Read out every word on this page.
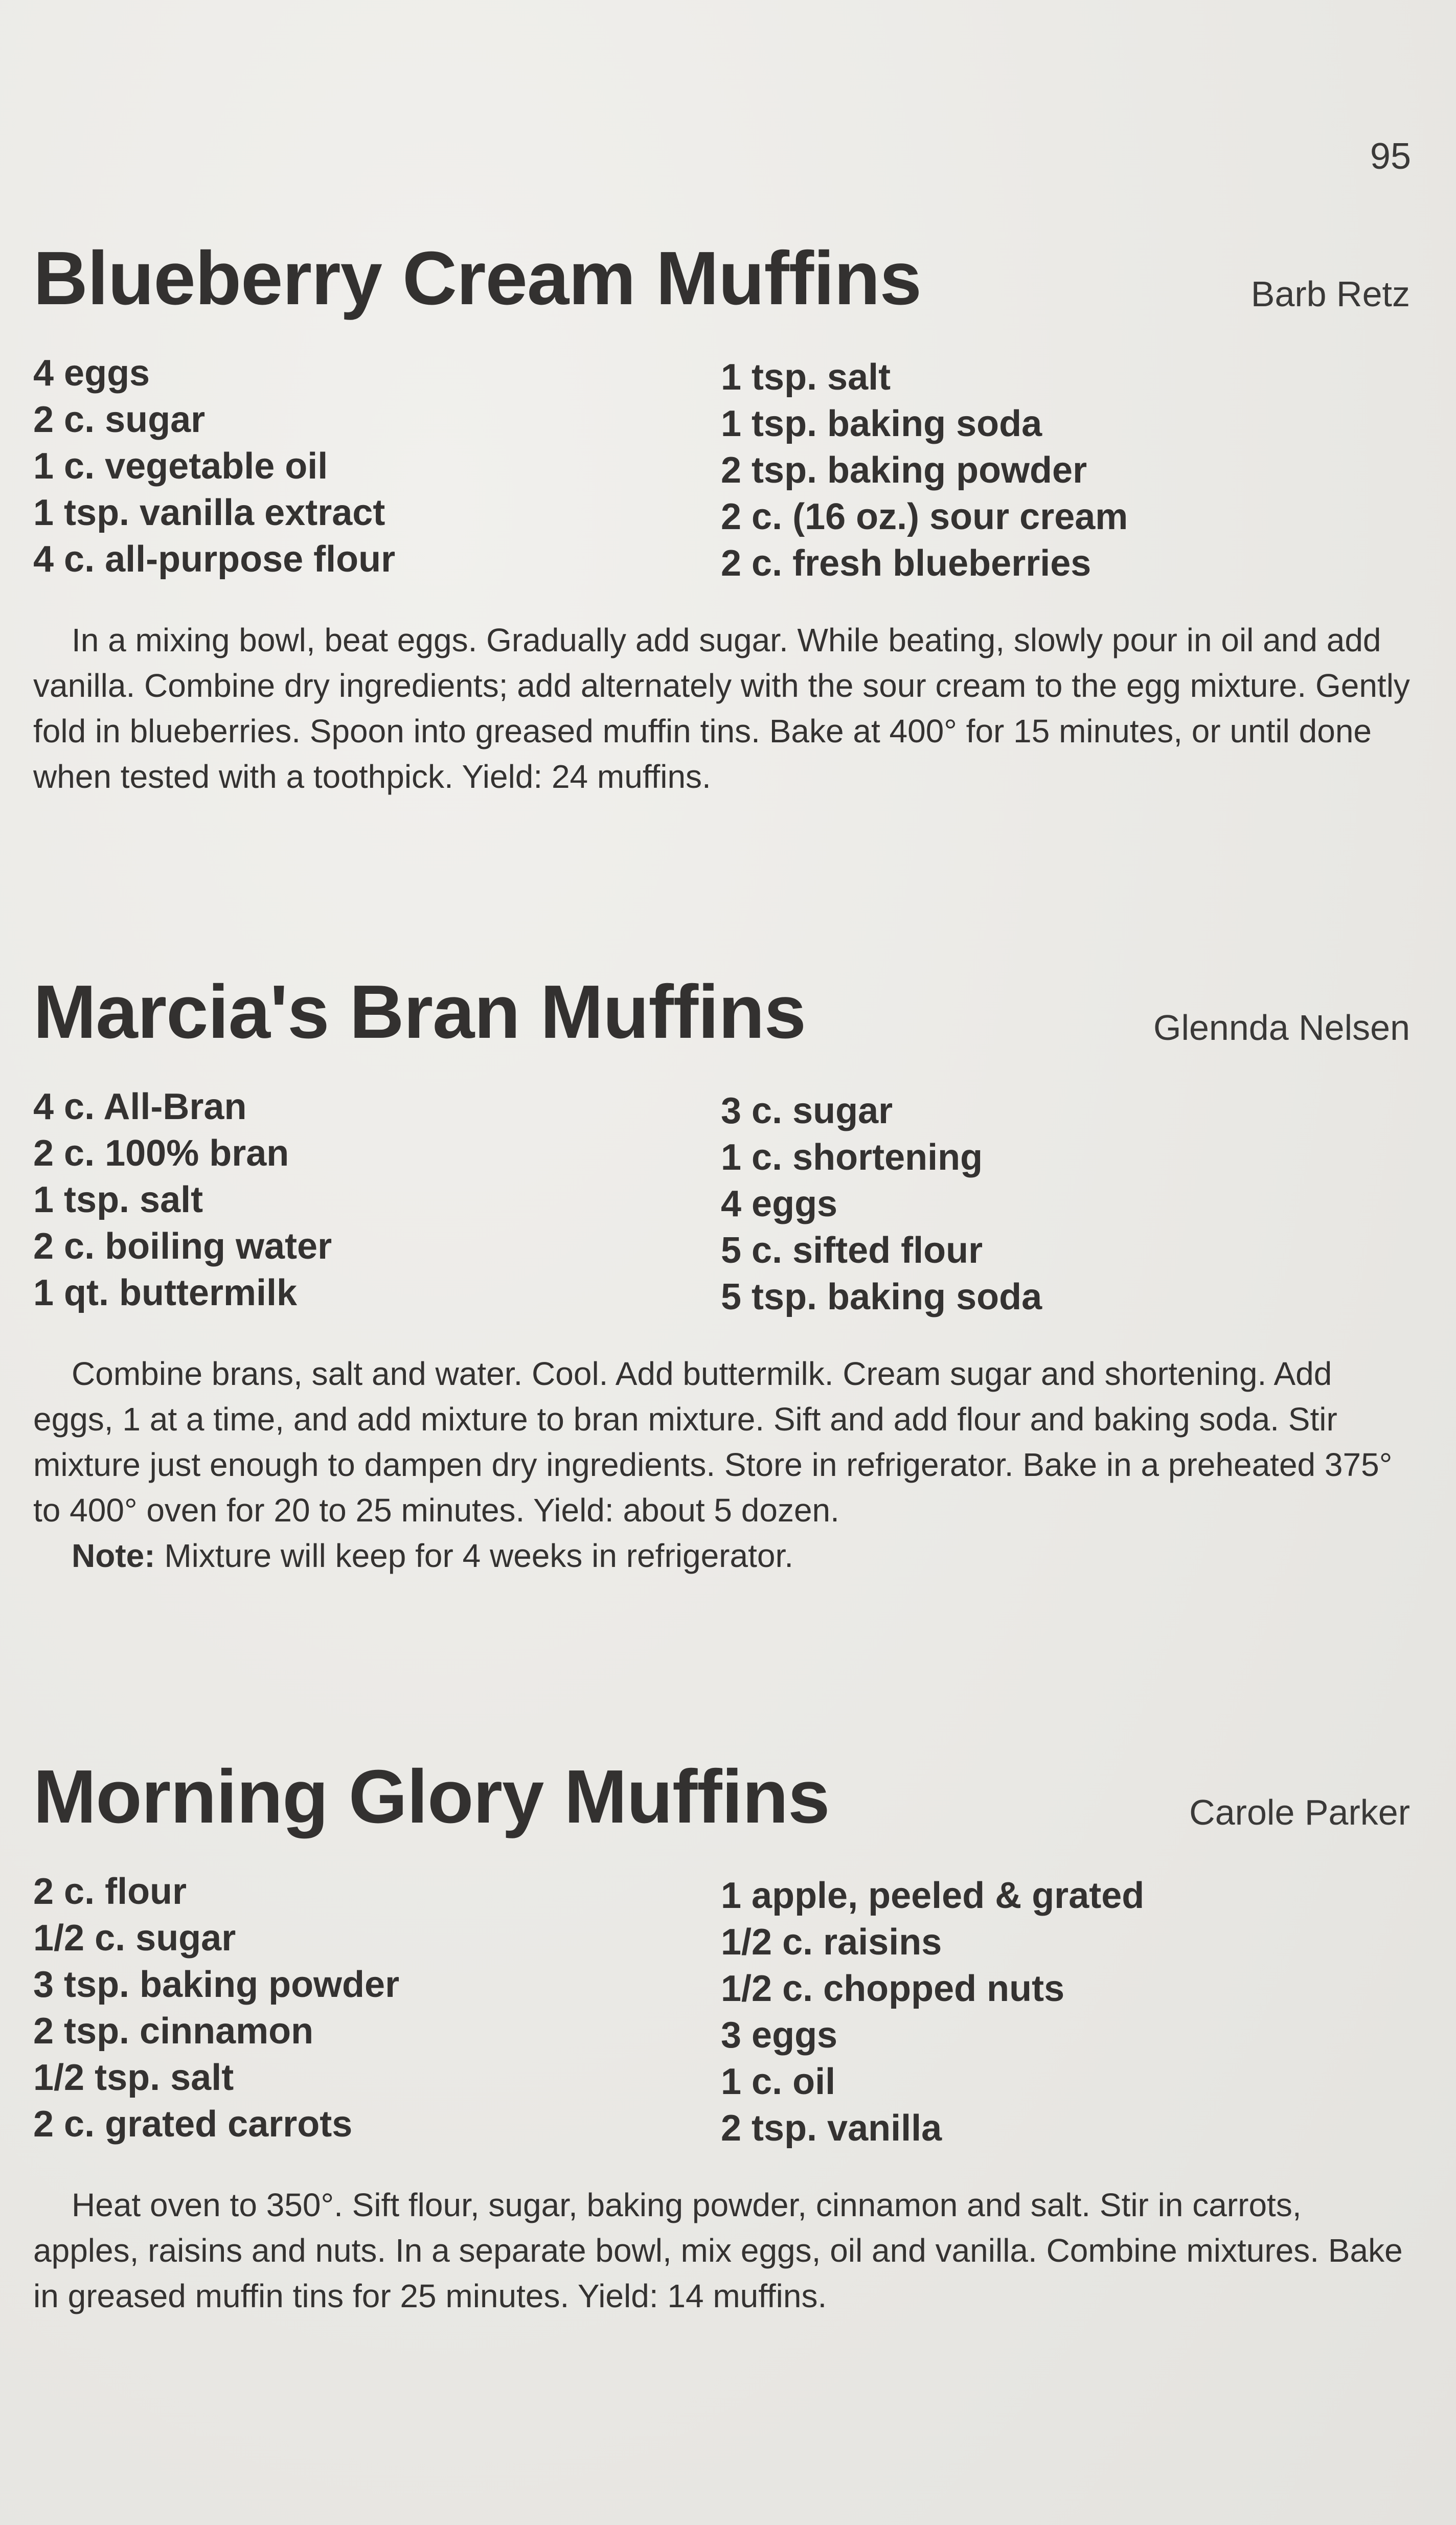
95
Blueberry Cream Muffins	Barb Retz
4 eggs
2 c. sugar
1 c. vegetable oil
1 tsp. vanilla extract
4 c. all-purpose flour
1 tsp. salt
1 tsp. baking soda
2 tsp. baking powder
2 c. (16 oz.) sour cream
2 c. fresh blueberries

In a mixing bowl, beat eggs. Gradually add sugar. While beating, slowly pour in oil and add vanilla. Combine dry ingredients; add alternately with the sour cream to the egg mixture. Gently fold in blueberries. Spoon into greased muffin tins. Bake at 400° for 15 minutes, or until done when tested with a toothpick. Yield: 24 muffins.

Marcia's Bran Muffins	Glennda Nelsen
4 c. All-Bran
2 c. 100% bran
1 tsp. salt
2 c. boiling water
1 qt. buttermilk
3 c. sugar
1 c. shortening
4 eggs
5 c. sifted flour
5 tsp. baking soda

Combine brans, salt and water. Cool. Add buttermilk. Cream sugar and shortening. Add eggs, 1 at a time, and add mixture to bran mixture. Sift and add flour and baking soda. Stir mixture just enough to dampen dry ingredients. Store in refrigerator. Bake in a preheated 375° to 400° oven for 20 to 25 minutes. Yield: about 5 dozen.

Note: Mixture will keep for 4 weeks in refrigerator.

Morning Glory Muffins	Carole Parker
2 c. flour
1/2 c. sugar
3 tsp. baking powder
2 tsp. cinnamon
1/2 tsp. salt
2 c. grated carrots
1 apple, peeled & grated
1/2 c. raisins
1/2 c. chopped nuts
3 eggs
1 c. oil
2 tsp. vanilla

Heat oven to 350°. Sift flour, sugar, baking powder, cinnamon and salt. Stir in carrots, apples, raisins and nuts. In a separate bowl, mix eggs, oil and vanilla. Combine mixtures. Bake in greased muffin tins for 25 minutes. Yield: 14 muffins.
